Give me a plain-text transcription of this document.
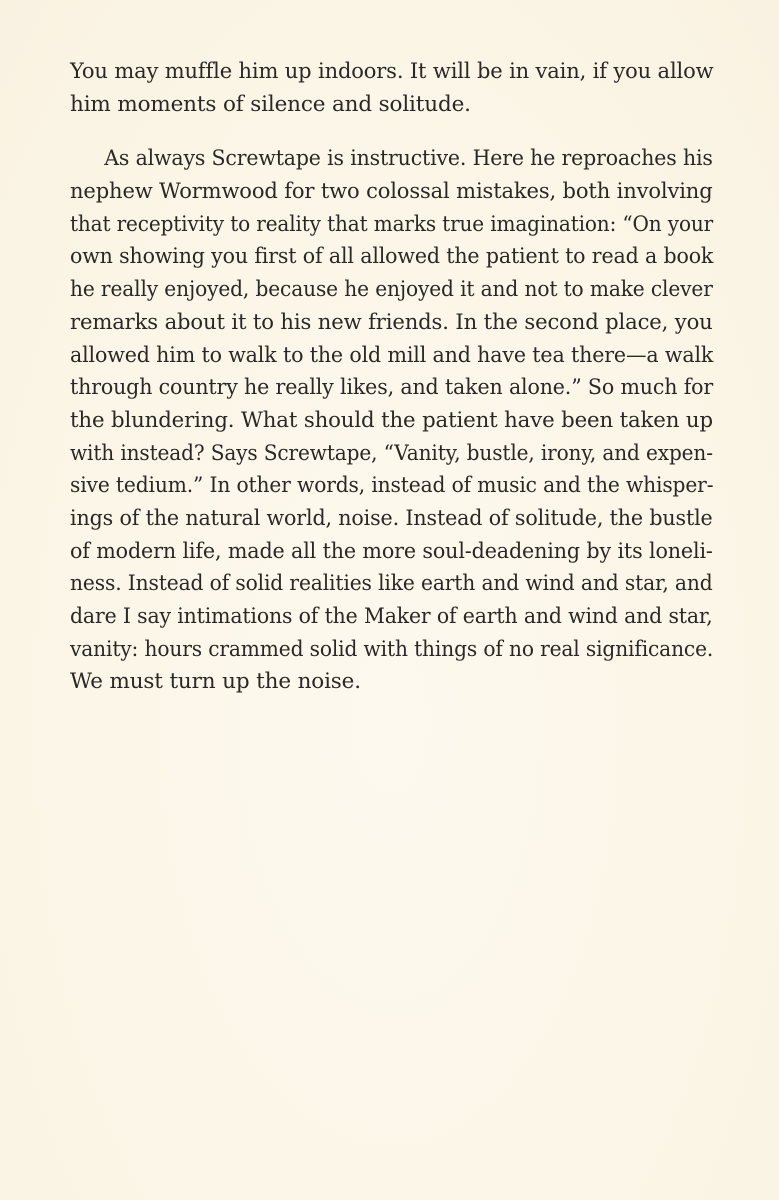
You may muffle him up indoors. It will be in vain, if you allow
him moments of silence and solitude.
As always Screwtape is instructive. Here he reproaches his
nephew Wormwood for two colossal mistakes, both involving
that receptivity to reality that marks true imagination: “On your
own showing you first of all allowed the patient to read a book
he really enjoyed, because he enjoyed it and not to make clever
remarks about it to his new friends. In the second place, you
allowed him to walk to the old mill and have tea there—a walk
through country he really likes, and taken alone.” So much for
the blundering. What should the patient have been taken up
with instead? Says Screwtape, “Vanity, bustle, irony, and expen-
sive tedium.” In other words, instead of music and the whisper-
ings of the natural world, noise. Instead of solitude, the bustle
of modern life, made all the more soul-deadening by its loneli-
ness. Instead of solid realities like earth and wind and star, and
dare I say intimations of the Maker of earth and wind and star,
vanity: hours crammed solid with things of no real significance.
We must turn up the noise.
